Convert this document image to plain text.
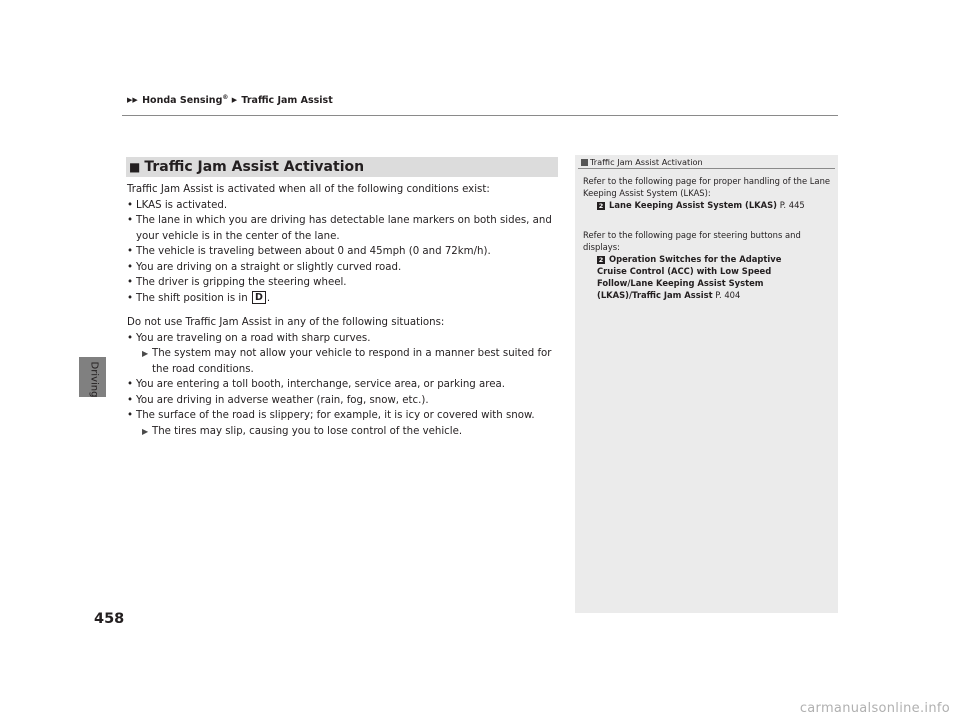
▶▶ Honda Sensing® ▶ Traffic Jam Assist
Driving
458
■ Traffic Jam Assist Activation

Traffic Jam Assist is activated when all of the following conditions exist:

• LKAS is activated.
• The lane in which you are driving has detectable lane markers on both sides, and your vehicle is in the center of the lane.
• The vehicle is traveling between about 0 and 45mph (0 and 72km/h).
• You are driving on a straight or slightly curved road.
• The driver is gripping the steering wheel.
• The shift position is in D .

Do not use Traffic Jam Assist in any of the following situations:

• You are traveling on a road with sharp curves.
▶ The system may not allow your vehicle to respond in a manner best suited for the road conditions.
• You are entering a toll booth, interchange, service area, or parking area.
• You are driving in adverse weather (rain, fog, snow, etc.).
• The surface of the road is slippery; for example, it is icy or covered with snow.
▶ The tires may slip, causing you to lose control of the vehicle.
Traffic Jam Assist Activation
Refer to the following page for proper handling of the Lane Keeping Assist System (LKAS):
2 Lane Keeping Assist System (LKAS) P. 445
Refer to the following page for steering buttons and displays:
2 Operation Switches for the Adaptive Cruise Control (ACC) with Low Speed Follow/Lane Keeping Assist System (LKAS)/Traffic Jam Assist P. 404
carmanualsonline.info
